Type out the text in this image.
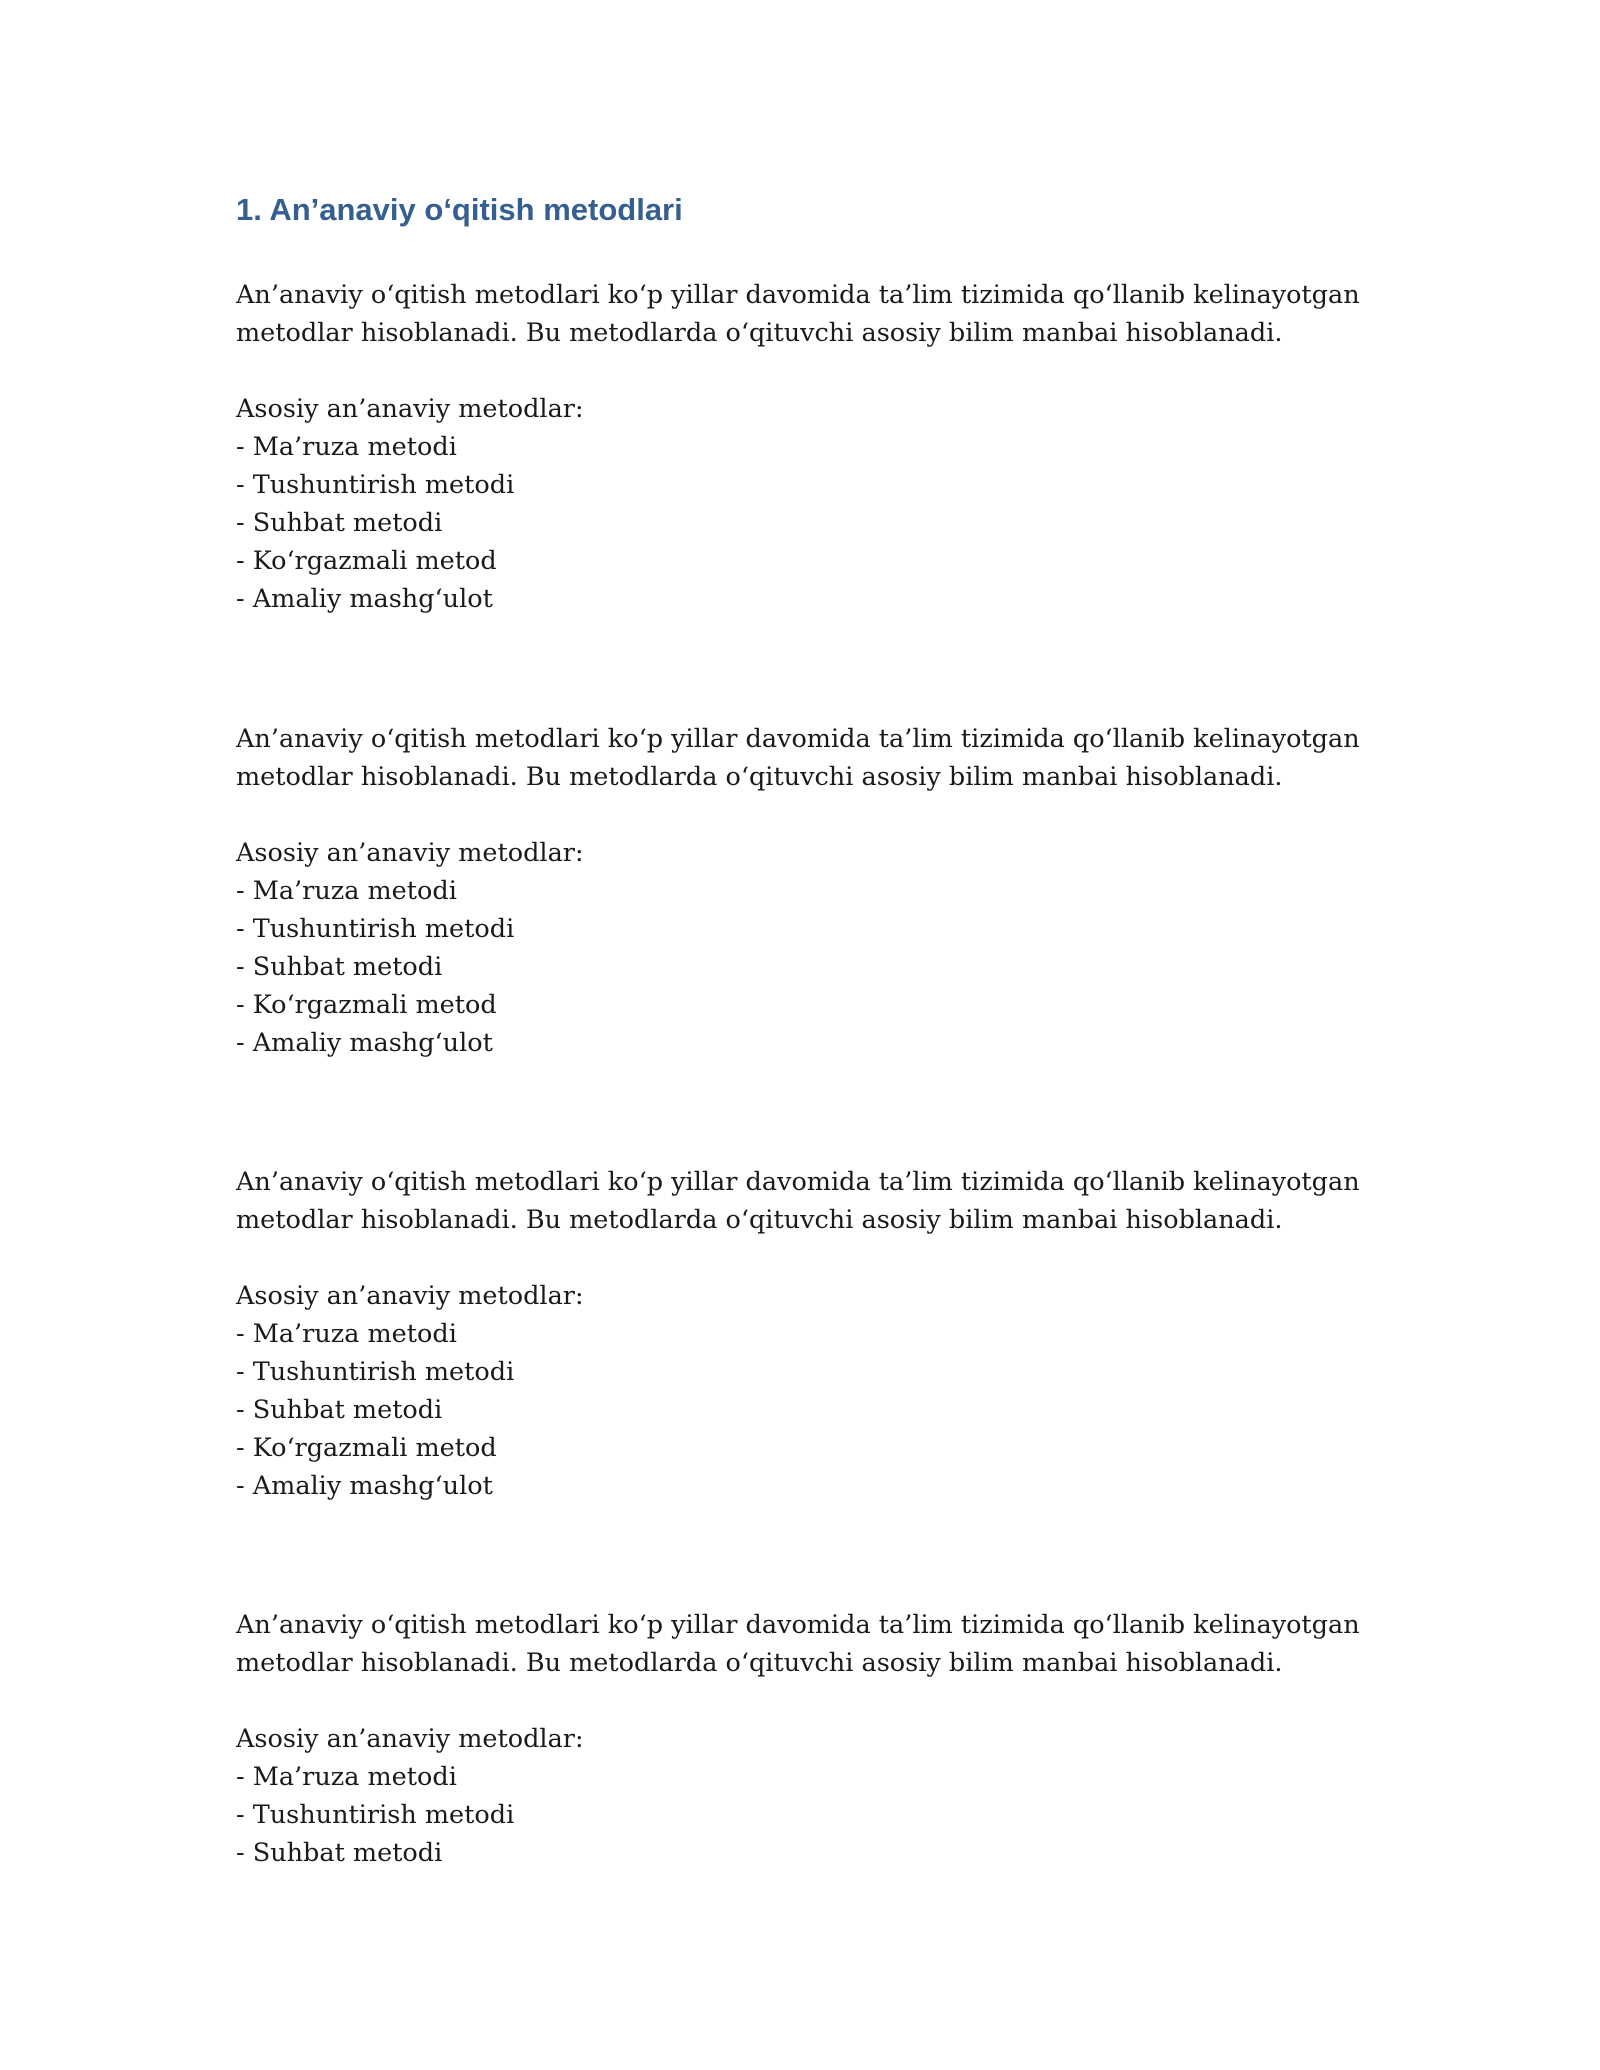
1. An’anaviy o‘qitish metodlari

An’anaviy o‘qitish metodlari ko‘p yillar davomida ta’lim tizimida qo‘llanib kelinayotgan
metodlar hisoblanadi. Bu metodlarda o‘qituvchi asosiy bilim manbai hisoblanadi.

Asosiy an’anaviy metodlar:

- Ma’ruza metodi
- Tushuntirish metodi
- Suhbat metodi
- Ko‘rgazmali metod
- Amaliy mashg‘ulot

An’anaviy o‘qitish metodlari ko‘p yillar davomida ta’lim tizimida qo‘llanib kelinayotgan
metodlar hisoblanadi. Bu metodlarda o‘qituvchi asosiy bilim manbai hisoblanadi.

Asosiy an’anaviy metodlar:

- Ma’ruza metodi
- Tushuntirish metodi
- Suhbat metodi
- Ko‘rgazmali metod
- Amaliy mashg‘ulot

An’anaviy o‘qitish metodlari ko‘p yillar davomida ta’lim tizimida qo‘llanib kelinayotgan
metodlar hisoblanadi. Bu metodlarda o‘qituvchi asosiy bilim manbai hisoblanadi.

Asosiy an’anaviy metodlar:

- Ma’ruza metodi
- Tushuntirish metodi
- Suhbat metodi
- Ko‘rgazmali metod
- Amaliy mashg‘ulot

An’anaviy o‘qitish metodlari ko‘p yillar davomida ta’lim tizimida qo‘llanib kelinayotgan
metodlar hisoblanadi. Bu metodlarda o‘qituvchi asosiy bilim manbai hisoblanadi.

Asosiy an’anaviy metodlar:

- Ma’ruza metodi
- Tushuntirish metodi
- Suhbat metodi
